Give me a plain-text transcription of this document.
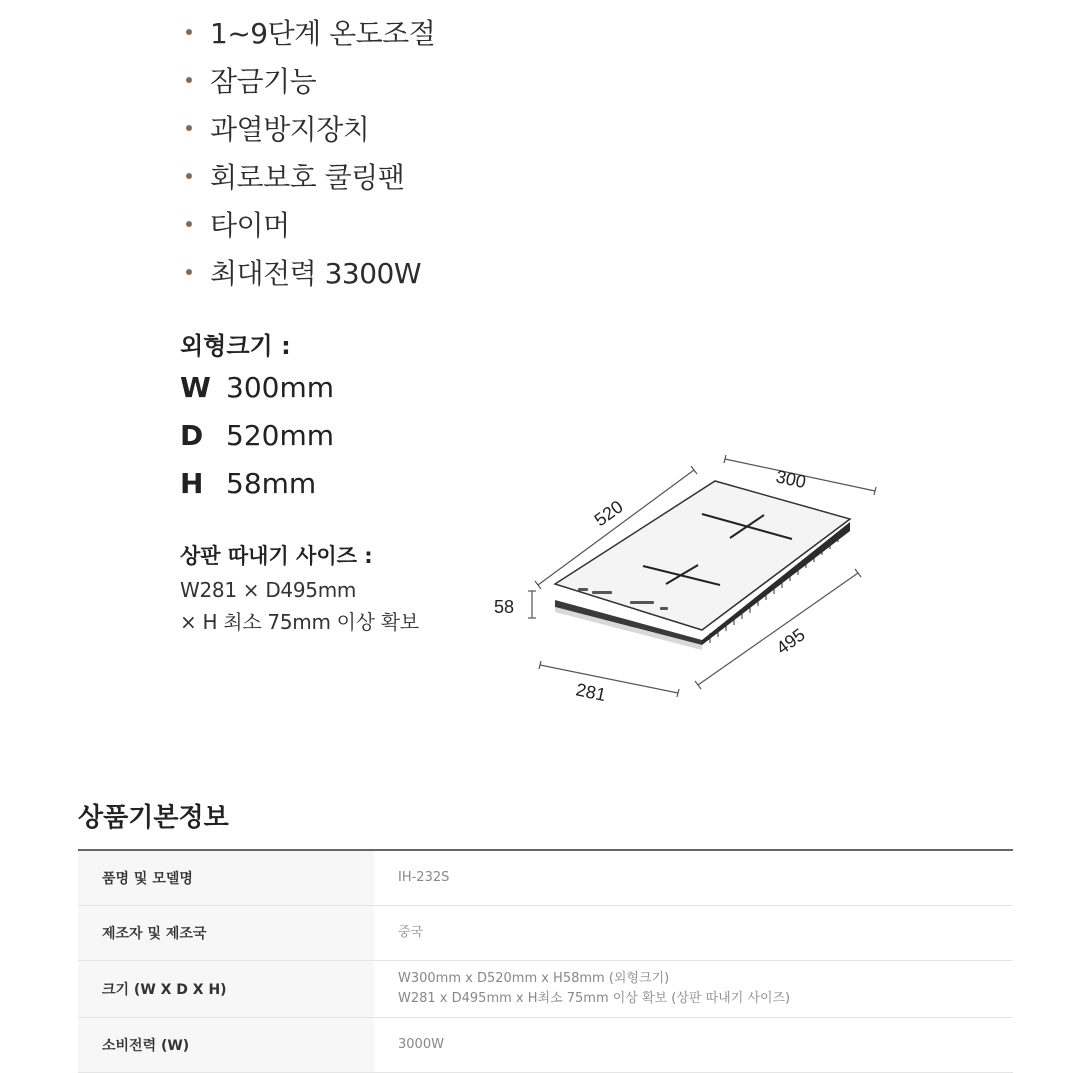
1~9단계 온도조절
잠금기능
과열방지장치
회로보호 쿨링팬
타이머
최대전력 3300W
외형크기 :
W 300mm
D 520mm
H 58mm
상판 따내기 사이즈 :
W281 × D495mm
× H 최소 75mm 이상 확보
520
300
58
495
281
상품기본정보
품명 및 모델명	IH-232S
제조자 및 제조국	중국
크기 (W X D X H)	W300mm x D520mm x H58mm (외형크기)
W281 x D495mm x H최소 75mm 이상 확보 (상판 따내기 사이즈)

소비전력 (W)	3000W
